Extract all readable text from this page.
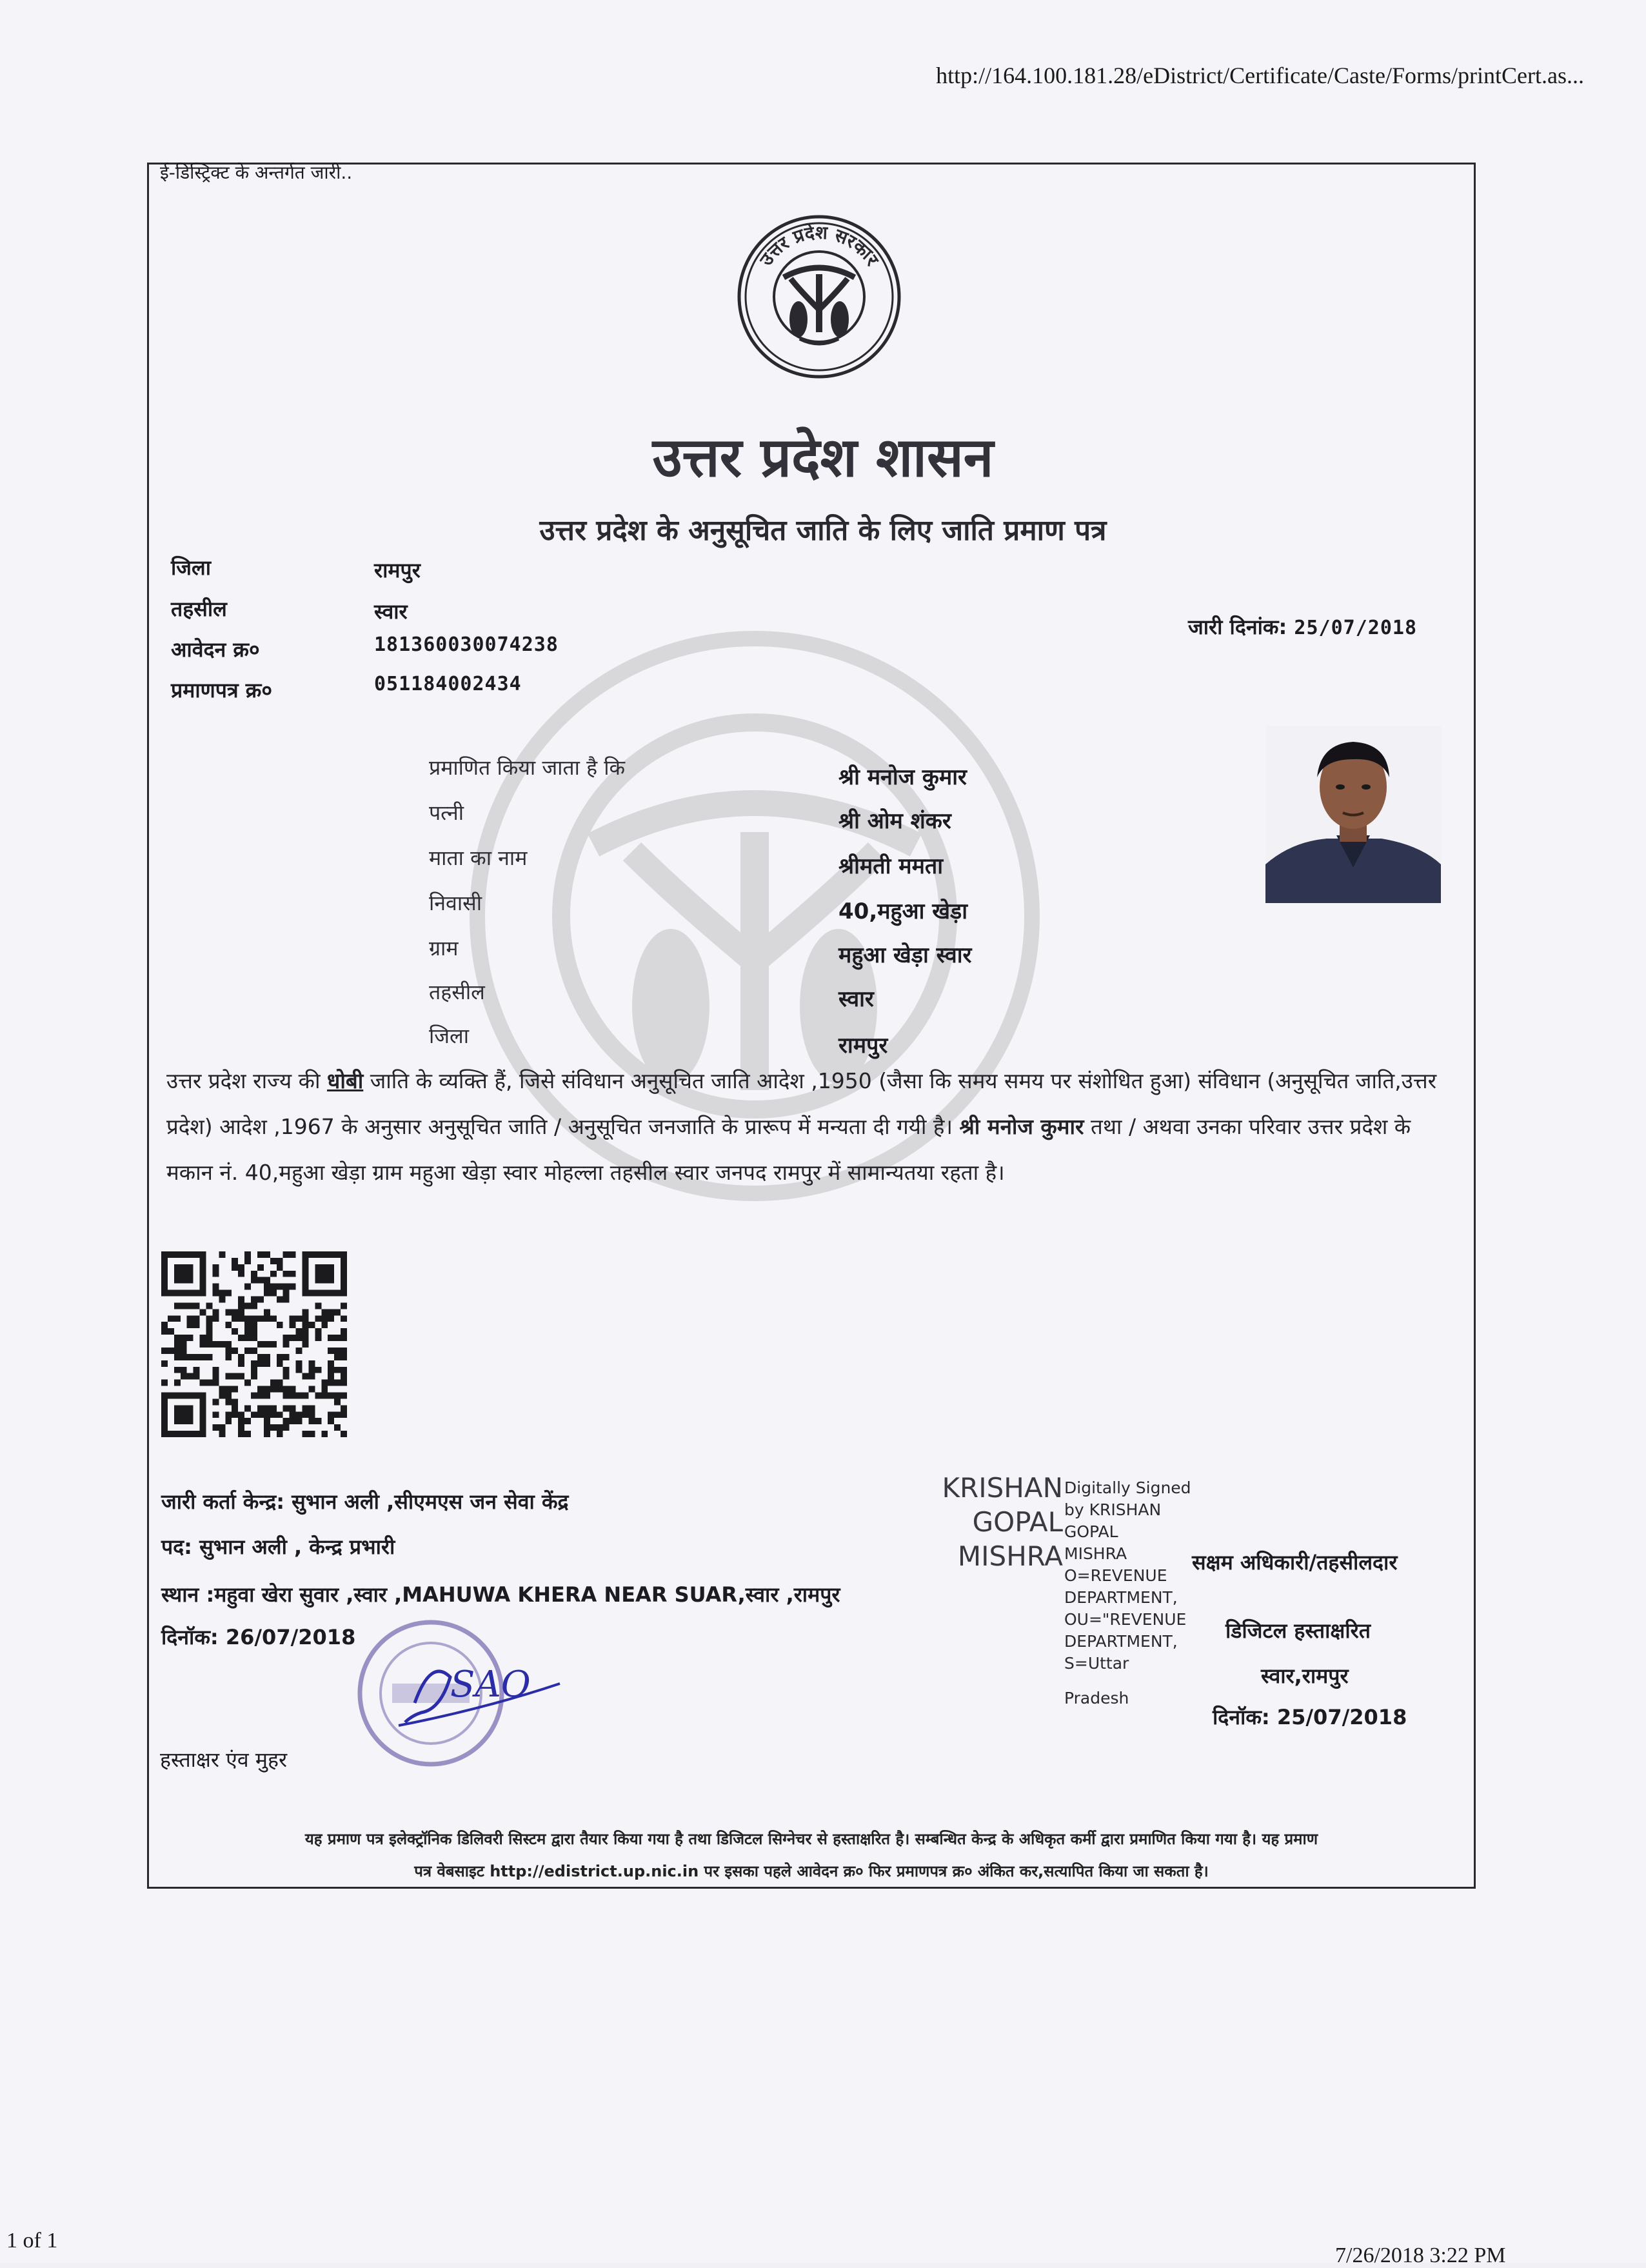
http://164.100.181.28/eDistrict/Certificate/Caste/Forms/printCert.as...
ई-डिस्ट्रिक्ट के अन्तर्गत जारी..
उत्तर प्रदेश सरकार
उत्तर प्रदेश शासन
उत्तर प्रदेश के अनुसूचित जाति के लिए जाति प्रमाण पत्र
जिला	रामपुर
तहसील	स्वार
आवेदन क्र०	181360030074238
प्रमाणपत्र क्र०	051184002434
जारी दिनांक: 25/07/2018
प्रमाणित किया जाता है कि	श्री मनोज कुमार
पत्नी	श्री ओम शंकर
माता का नाम	श्रीमती ममता
निवासी	40,महुआ खेड़ा
ग्राम	महुआ खेड़ा स्वार
तहसील	स्वार
जिला	रामपुर
उत्तर प्रदेश राज्य की धोबी जाति के व्यक्ति हैं, जिसे संविधान अनुसूचित जाति आदेश ,1950 (जैसा कि समय समय पर संशोधित हुआ) संविधान (अनुसूचित जाति,उत्तर प्रदेश) आदेश ,1967 के अनुसार अनुसूचित जाति / अनुसूचित जनजाति के प्रारूप में मन्यता दी गयी है। श्री मनोज कुमार तथा / अथवा उनका परिवार उत्तर प्रदेश के मकान नं. 40,महुआ खेड़ा ग्राम महुआ खेड़ा स्वार मोहल्ला तहसील स्वार जनपद रामपुर में सामान्यतया रहता है।
जारी कर्ता केन्द्र: सुभान अली ,सीएमएस जन सेवा केंद्र
पद: सुभान अली , केन्द्र प्रभारी
स्थान :महुवा खेरा सुवार ,स्वार ,MAHUWA KHERA NEAR SUAR,स्वार ,रामपुर
दिनॉक: 26/07/2018
KRISHAN
GOPAL
MISHRA
Digitally Signed
by KRISHAN
GOPAL
MISHRA
O=REVENUE
DEPARTMENT,
OU="REVENUE
DEPARTMENT,
S=Uttar
Pradesh
सक्षम अधिकारी/तहसीलदार
डिजिटल हस्ताक्षरित
स्वार,रामपुर
दिनॉक: 25/07/2018
SAO
हस्ताक्षर एंव मुहर
यह प्रमाण पत्र इलेक्ट्रॉनिक डिलिवरी सिस्टम द्वारा तैयार किया गया है तथा डिजिटल सिग्नेचर से हस्ताक्षरित है। सम्बन्धित केन्द्र के अधिकृत कर्मी द्वारा प्रमाणित किया गया है। यह प्रमाण
पत्र वेबसाइट http://edistrict.up.nic.in पर इसका पहले आवेदन क्र० फिर प्रमाणपत्र क्र० अंकित कर,सत्यापित किया जा सकता है।
1 of 1
7/26/2018 3:22 PM
